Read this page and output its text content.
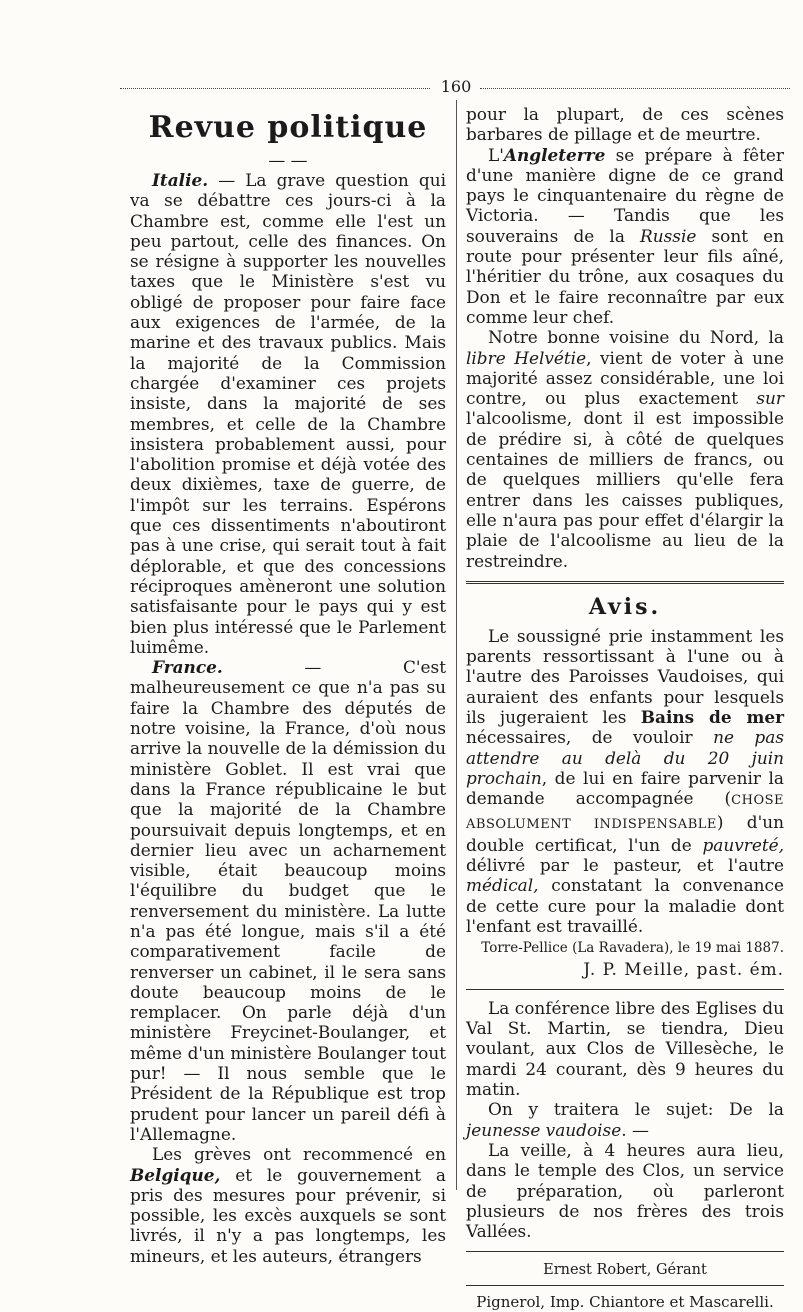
160
Revue politique
— —

Italie. — La grave question qui va se débattre ces jours-ci à la Chambre est, comme elle l'est un peu partout, celle des finances. On se résigne à supporter les nouvelles taxes que le Ministère s'est vu obligé de proposer pour faire face aux exigences de l'armée, de la marine et des travaux publics. Mais la majorité de la Commission chargée d'examiner ces projets insiste, dans la majorité de ses membres, et celle de la Chambre insistera probablement aussi, pour l'abolition promise et déjà votée des deux dixièmes, taxe de guerre, de l'impôt sur les terrains. Espérons que ces dissentiments n'aboutiront pas à une crise, qui serait tout à fait déplorable, et que des concessions réciproques amèneront une solution satisfaisante pour le pays qui y est bien plus intéressé que le Parlement luimême.

France. — C'est malheureusement ce que n'a pas su faire la Chambre des députés de notre voisine, la France, d'où nous arrive la nouvelle de la démission du ministère Goblet. Il est vrai que dans la France républicaine le but que la majorité de la Chambre poursuivait depuis longtemps, et en dernier lieu avec un acharnement visible, était beaucoup moins l'équilibre du budget que le renversement du ministère. La lutte n'a pas été longue, mais s'il a été comparativement facile de renverser un cabinet, il le sera sans doute beaucoup moins de le remplacer. On parle déjà d'un ministère Freycinet-Boulanger, et même d'un ministère Boulanger tout pur! — Il nous semble que le Président de la République est trop prudent pour lancer un pareil défi à l'Allemagne.

Les grèves ont recommencé en Belgique, et le gouvernement a pris des mesures pour prévenir, si possible, les excès auxquels se sont livrés, il n'y a pas longtemps, les mineurs, et les auteurs, étrangers

pour la plupart, de ces scènes barbares de pillage et de meurtre.

L'Angleterre se prépare à fêter d'une manière digne de ce grand pays le cinquantenaire du règne de Victoria. — Tandis que les souverains de la Russie sont en route pour présenter leur fils aîné, l'héritier du trône, aux cosaques du Don et le faire reconnaître par eux comme leur chef.

Notre bonne voisine du Nord, la libre Helvétie, vient de voter à une majorité assez considérable, une loi contre, ou plus exactement sur l'alcoolisme, dont il est impossible de prédire si, à côté de quelques centaines de milliers de francs, ou de quelques milliers qu'elle fera entrer dans les caisses publiques, elle n'aura pas pour effet d'élargir la plaie de l'alcoolisme au lieu de la restreindre.

Avis.

Le soussigné prie instamment les parents ressortissant à l'une ou à l'autre des Paroisses Vaudoises, qui auraient des enfants pour lesquels ils jugeraient les Bains de mer nécessaires, de vouloir ne pas attendre au delà du 20 juin prochain, de lui en faire parvenir la demande accompagnée (CHOSE ABSOLUMENT INDISPENSABLE) d'un double certificat, l'un de pauvreté, délivré par le pasteur, et l'autre médical, constatant la convenance de cette cure pour la maladie dont l'enfant est travaillé.

Torre-Pellice (La Ravadera), le 19 mai 1887.

J. P. Meille, past. ém.

La conférence libre des Eglises du Val St. Martin, se tiendra, Dieu voulant, aux Clos de Villesèche, le mardi 24 courant, dès 9 heures du matin.

On y traitera le sujet: De la jeunesse vaudoise. —

La veille, à 4 heures aura lieu, dans le temple des Clos, un service de préparation, où parleront plusieurs de nos frères des trois Vallées.

Ernest Robert, Gérant

Pignerol, Imp. Chiantore et Mascarelli.
